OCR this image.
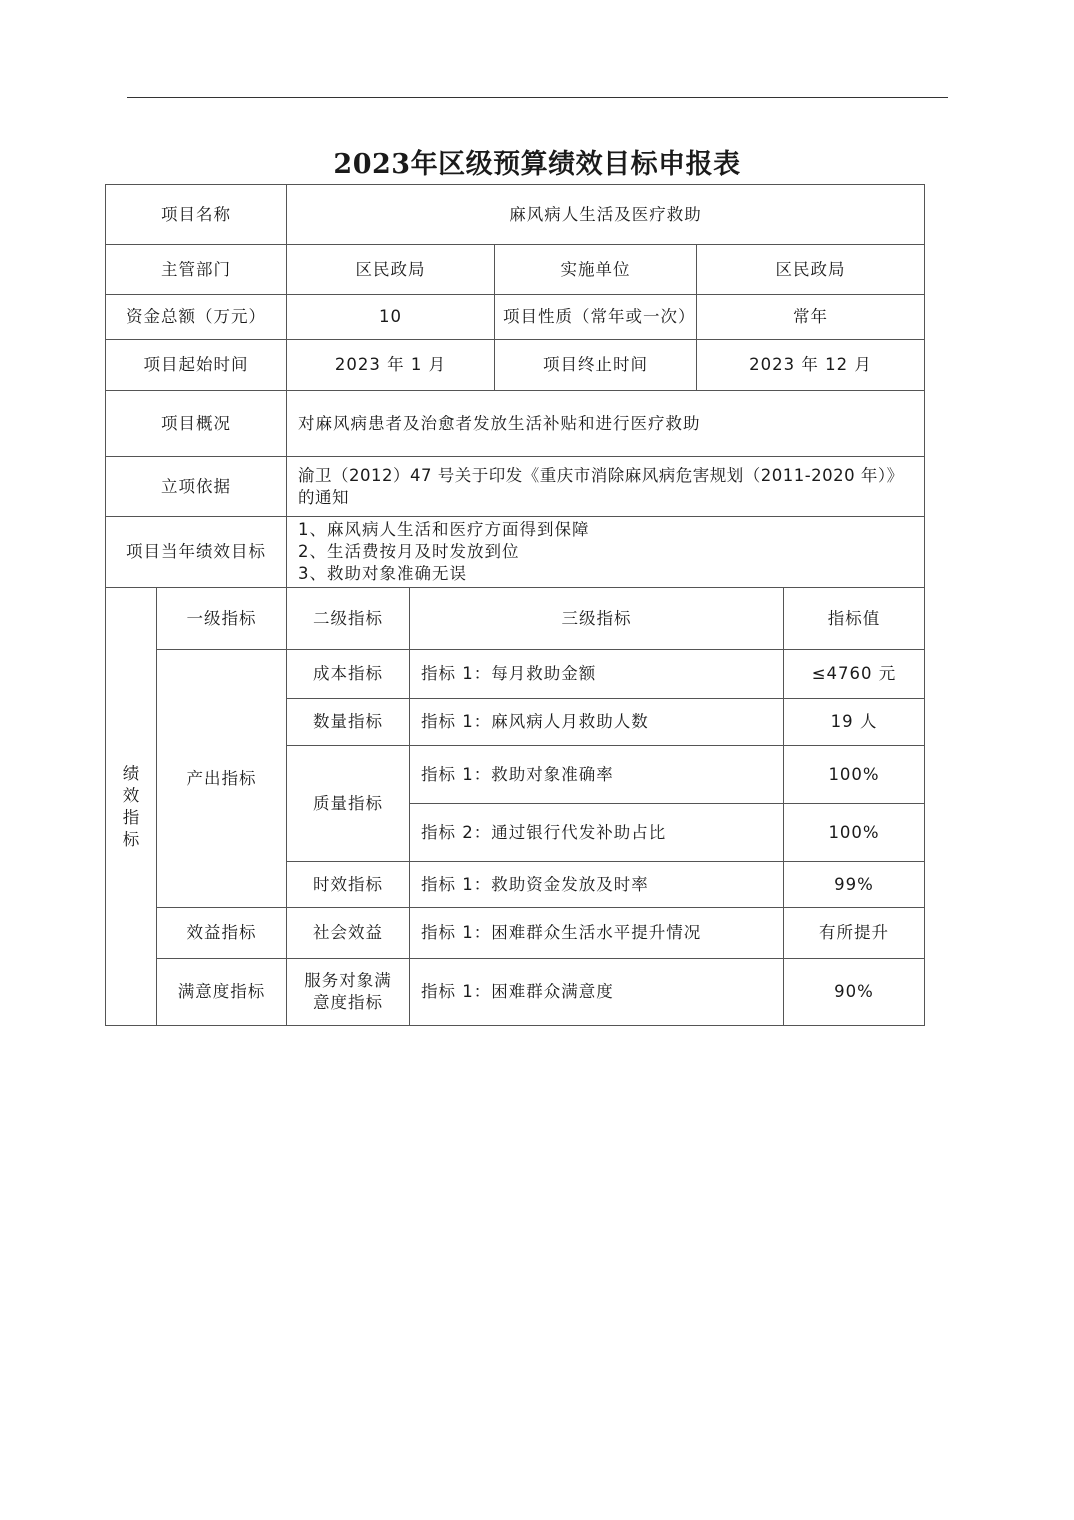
2023年区级预算绩效目标申报表
项目名称		麻风病人生活及医疗救助				
主管部门		区民政局		实施单位	区民政局	
资金总额（万元）		10		项目性质（常年或一次）	常年	
项目起始时间		2023 年 1 月		项目终止时间	2023 年 12 月	
项目概况		对麻风病患者及治愈者发放生活补贴和进行医疗救助				
立项依据		渝卫（2012）47 号关于印发《重庆市消除麻风病危害规划（2011-2020 年）》的通知				
项目当年绩效目标		1、麻风病人生活和医疗方面得到保障
2、生活费按月及时发放到位
3、救助对象准确无误				

绩效指标	一级指标	二级指标	三级指标			指标值
	产出指标	成本指标	指标 1：每月救助金额			≤4760 元
		数量指标	指标 1：麻风病人月救助人数			19 人
		质量指标	指标 1：救助对象准确率			100%
			指标 2：通过银行代发补助占比			100%
		时效指标	指标 1：救助资金发放及时率			99%
	效益指标	社会效益	指标 1：困难群众生活水平提升情况			有所提升
	满意度指标	服务对象满意度指标	指标 1：困难群众满意度			90%
